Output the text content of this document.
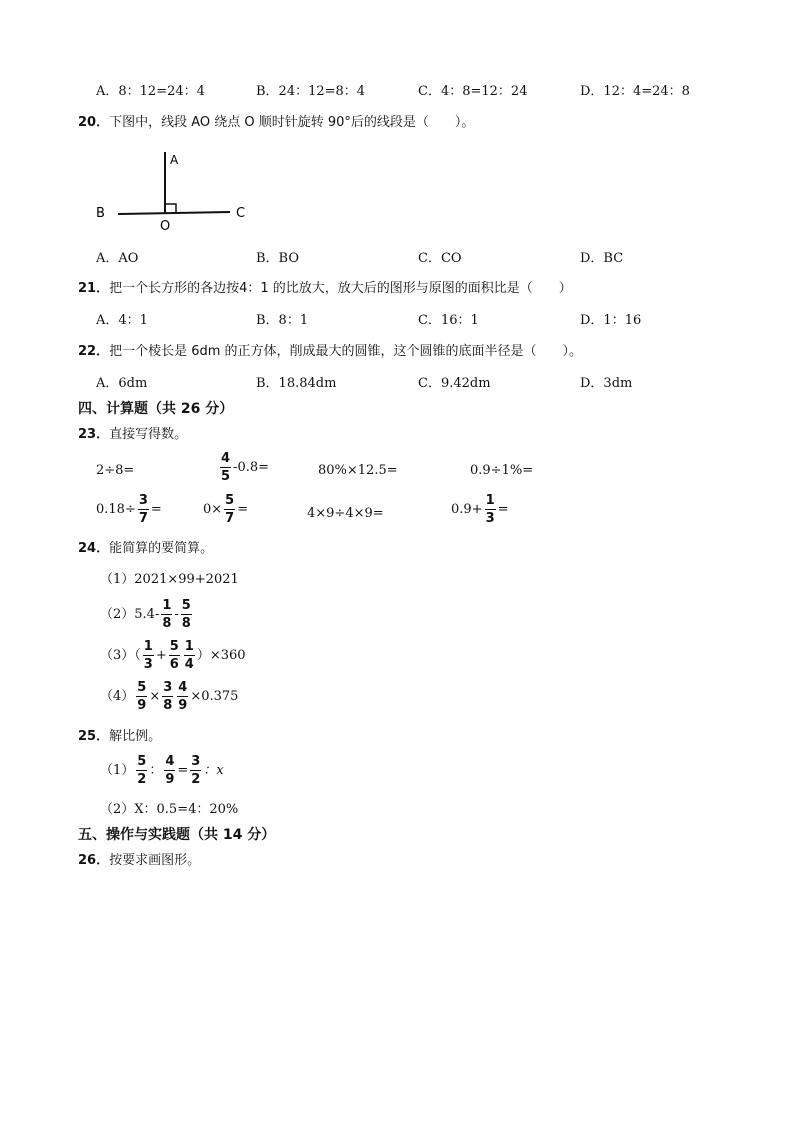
A．8：12=24：4	B．24：12=8：4	C．4：8=12：24	D．12：4=24：8
20．下图中，线段 AO 绕点 O 顺时针旋转 90°后的线段是（　　）。
A
B
O
C
A．AO	B．BO	C．CO	D．BC
21．把一个长方形的各边按4：1 的比放大，放大后的图形与原图的面积比是（　　）
A．4：1	B．8：1	C．16：1	D．1：16
22．把一个棱长是 6dm 的正方体，削成最大的圆锥，这个圆锥的底面半径是（　　）。
A．6dm	B．18.84dm	C．9.42dm	D．3dm
四、计算题（共 26 分）
23．直接写得数。
2÷8=	$\frac{4}{5} -0.8=$	80%×12.5=	0.9÷1%=
$0.18\div \frac{3}{7}$ =	$0\times \frac{5}{7}$ =	4×9÷4×9=	$0.9+ \frac{1}{3}$ =
24．能简算的要简算。
（1）2021×99+2021
$(2)5.4- \frac{1}{8} - \frac{5}{8}$
$(3)( \frac{1}{3} + \frac{5}{6} \frac{1}{4} )\times 360$
$(4) \frac{5}{9} \times \frac{3}{8} \frac{4}{9} \times 0.375$
25．解比例。
$(1) \frac{5}{2}$ ： $\frac{4}{9} = \frac{3}{2}$ ：x
（2）X：0.5=4：20%
五、操作与实践题（共 14 分）
26．按要求画图形。
